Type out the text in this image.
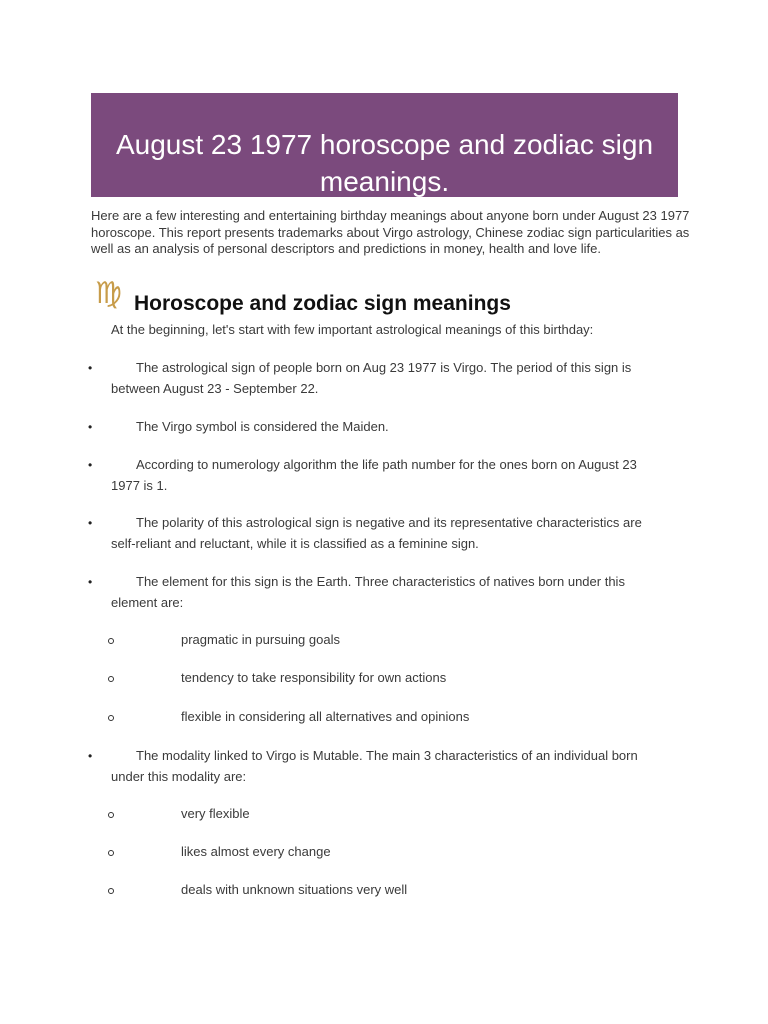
August 23 1977 horoscope and zodiac sign
meanings.
Here are a few interesting and entertaining birthday meanings about anyone born under August 23 1977 horoscope. This report presents trademarks about Virgo astrology, Chinese zodiac sign particularities as well as an analysis of personal descriptors and predictions in money, health and love life.
♍ Horoscope and zodiac sign meanings
At the beginning, let's start with few important astrological meanings of this birthday:
•	The astrological sign of people born on Aug 23 1977 is Virgo. The period of this sign is between August 23 - September 22.
•	The Virgo symbol is considered the Maiden.
•	According to numerology algorithm the life path number for the ones born on August 23 1977 is 1.
•	The polarity of this astrological sign is negative and its representative characteristics are self-reliant and reluctant, while it is classified as a feminine sign.
•	The element for this sign is the Earth. Three characteristics of natives born under this element are:
pragmatic in pursuing goals
tendency to take responsibility for own actions
flexible in considering all alternatives and opinions
•	The modality linked to Virgo is Mutable. The main 3 characteristics of an individual born under this modality are:
very flexible
likes almost every change
deals with unknown situations very well
